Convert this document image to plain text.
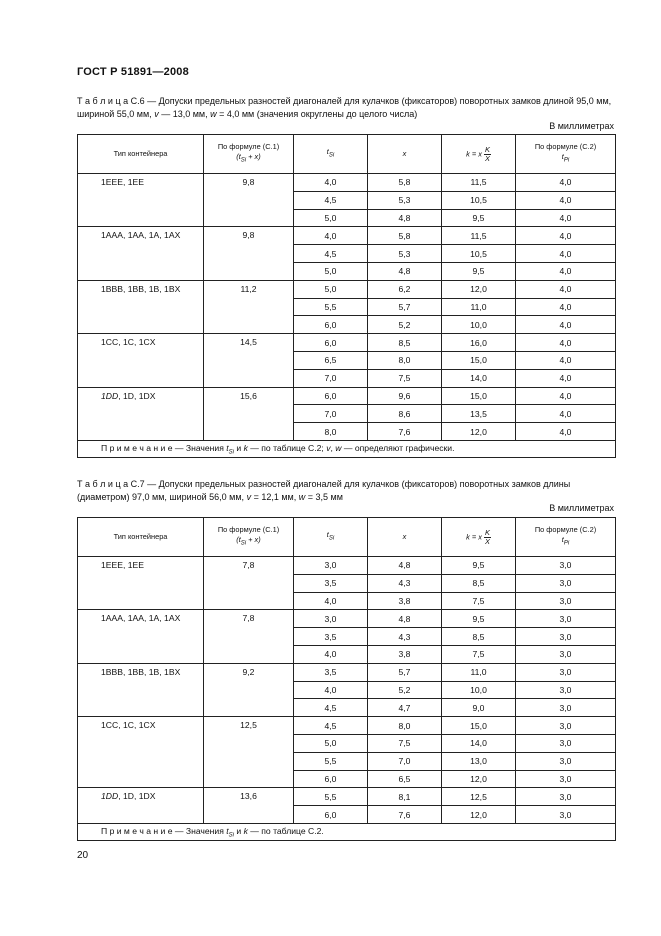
ГОСТ Р 51891—2008
Т а б л и ц а С.6 — Допуски предельных разностей диагоналей для кулачков (фиксаторов) поворотных замков длиной 95,0 мм, шириной 55,0 мм, v — 13,0 мм, w = 4,0 мм (значения округлены до целого числа)
В миллиметрах
Тип контейнера	По формуле (С.1)
$(t_{Si} + x)$	$t_{Si}$	x	k = x $\frac{K}{X}$	По формуле (С.2)
$t_{Pi}$
1EEE, 1EE	9,8	4,0	5,8	11,5	4,0
		4,5	5,3	10,5	4,0
		5,0	4,8	9,5	4,0
1AAA, 1AA, 1A, 1AX	9,8	4,0	5,8	11,5	4,0
		4,5	5,3	10,5	4,0
		5,0	4,8	9,5	4,0
1BBB, 1BB, 1B, 1BX	11,2	5,0	6,2	12,0	4,0
		5,5	5,7	11,0	4,0
		6,0	5,2	10,0	4,0
1CC, 1C, 1CX	14,5	6,0	8,5	16,0	4,0
		6,5	8,0	15,0	4,0
		7,0	7,5	14,0	4,0
1DD, 1D, 1DX	15,6	6,0	9,6	15,0	4,0
		7,0	8,6	13,5	4,0
		8,0	7,6	12,0	4,0
П р и м е ч а н и е — Значения $t_{Si}$ и k — по таблице С.2; v, w — определяют графически.					
Т а б л и ц а С.7 — Допуски предельных разностей диагоналей для кулачков (фиксаторов) поворотных замков длины (диаметром) 97,0 мм, шириной 56,0 мм, v = 12,1 мм, w = 3,5 мм
В миллиметрах
Тип контейнера	По формуле (С.1)
$(t_{Si} + x)$	$t_{Si}$	x	k = x $\frac{K}{X}$	По формуле (С.2)
$t_{Pi}$
1EEE, 1EE	7,8	3,0	4,8	9,5	3,0
		3,5	4,3	8,5	3,0
		4,0	3,8	7,5	3,0
1AAA, 1AA, 1A, 1AX	7,8	3,0	4,8	9,5	3,0
		3,5	4,3	8,5	3,0
		4,0	3,8	7,5	3,0
1BBB, 1BB, 1B, 1BX	9,2	3,5	5,7	11,0	3,0
		4,0	5,2	10,0	3,0
		4,5	4,7	9,0	3,0
1CC, 1C, 1CX	12,5	4,5	8,0	15,0	3,0
		5,0	7,5	14,0	3,0
		5,5	7,0	13,0	3,0
		6,0	6,5	12,0	3,0
1DD, 1D, 1DX	13,6	5,5	8,1	12,5	3,0
		6,0	7,6	12,0	3,0
П р и м е ч а н и е — Значения $t_{Si}$ и k — по таблице С.2.					
20
